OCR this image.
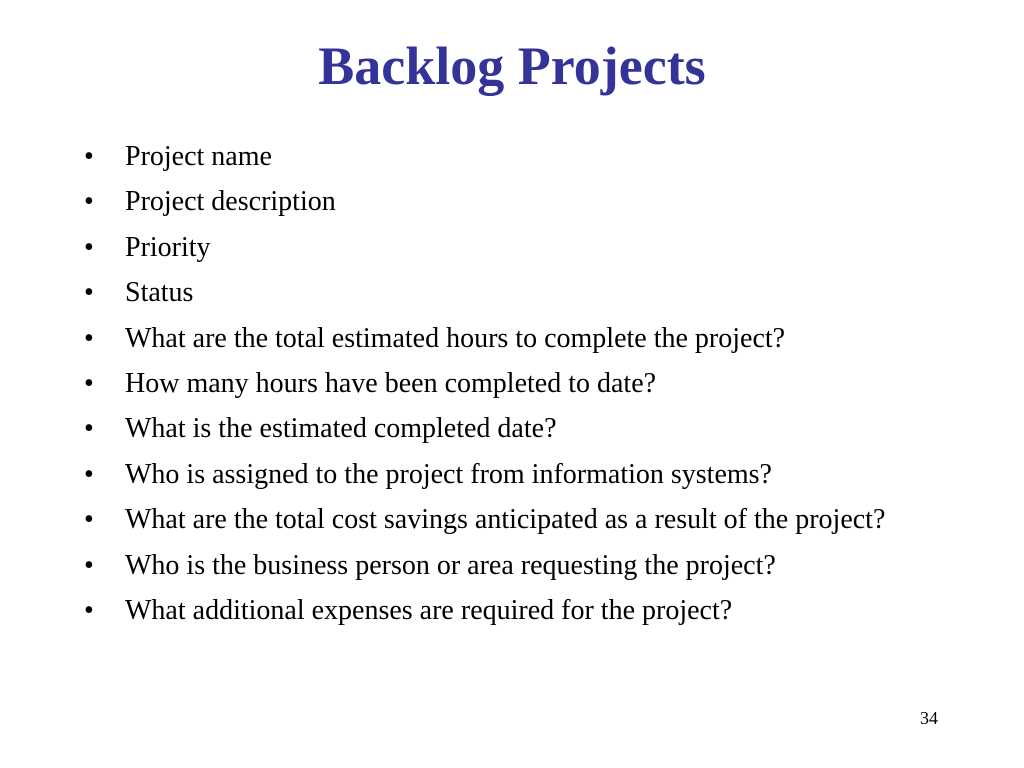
Backlog Projects
• Project name
• Project description
• Priority
• Status
• What are the total estimated hours to complete the project?
• How many hours have been completed to date?
• What is the estimated completed date?
• Who is assigned to the project from information systems?
• What are the total cost savings anticipated as a result of the project?
• Who is the business person or area requesting the project?
• What additional expenses are required for the project?
34
